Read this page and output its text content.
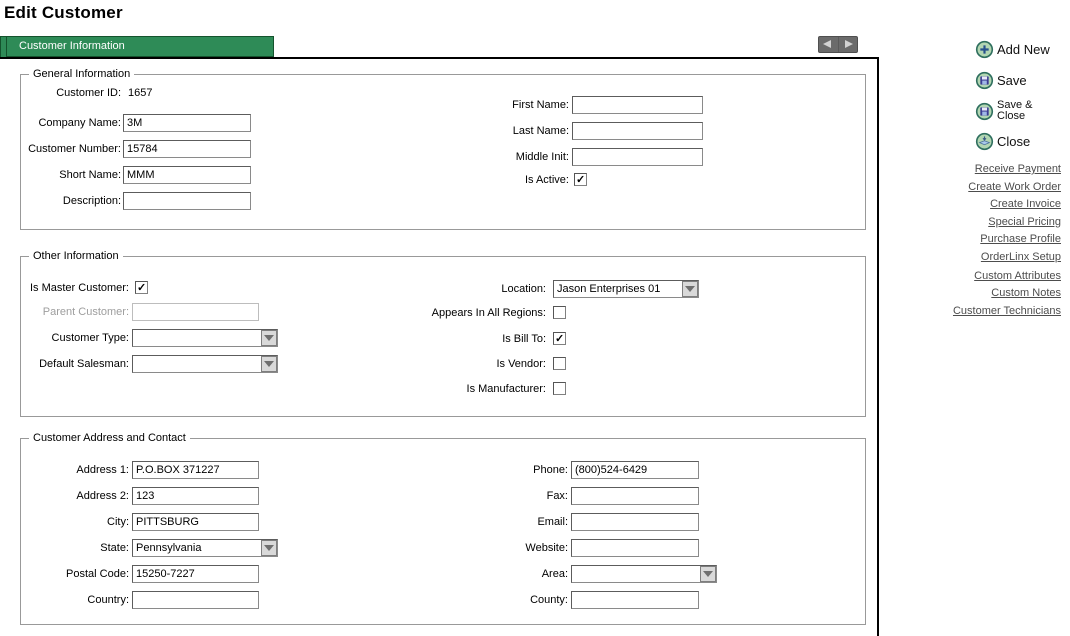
Edit Customer
Customer Information
General Information
Customer ID: 1657
Company Name:
3M
Customer Number:
15784
Short Name:
MMM
Description:
First Name:
Last Name:
Middle Init:
Is Active: ✓
Other Information
Is Master Customer: ✓
Parent Customer:
Customer Type:
Default Salesman:
Location: Jason Enterprises 01
Appears In All Regions:
Is Bill To: ✓
Is Vendor:
Is Manufacturer:
Customer Address and Contact
Address 1:
P.O.BOX 371227
Address 2:
123
City:
PITTSBURG
State: Pennsylvania
Postal Code:
15250-7227
Country:
Phone:
(800)524-6429
Fax:
Email:
Website:
Area:
County:
Add New
Save
Save &
Close
Close
Receive Payment
Create Work Order
Create Invoice
Special Pricing
Purchase Profile
OrderLinx Setup
Custom Attributes
Custom Notes
Customer Technicians
